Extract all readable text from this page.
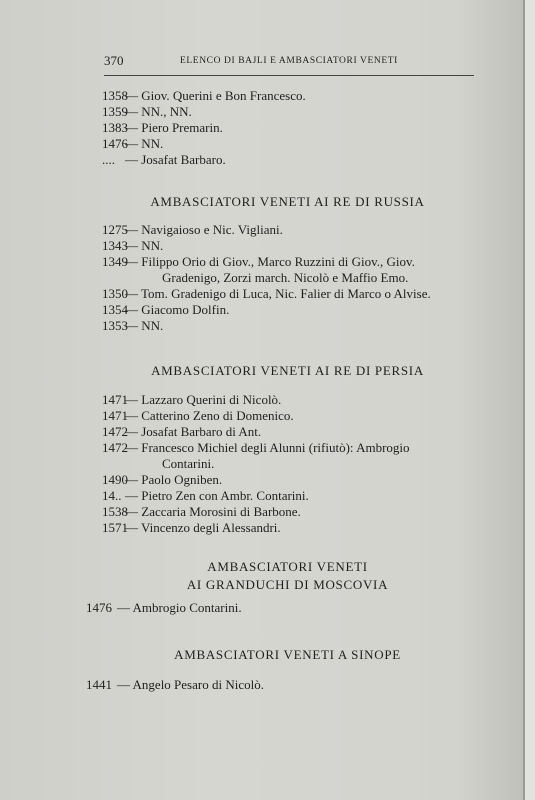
370	ELENCO DI BAJLI E AMBASCIATORI VENETI
1358
— Giov. Querini e Bon Francesco.
1359
— NN., NN.
1383
— Piero Premarin.
1476
— NN.
.... — Josafat Barbaro.

AMBASCIATORI VENETI AI RE DI RUSSIA

1275
— Navigaioso e Nic. Vigliani.
1343
— NN.
1349
— Filippo Orio di Giov., Marco Ruzzini di Giov., Giov.
Gradenigo, Zorzi march. Nicolò e Maffio Emo.
1350
— Tom. Gradenigo di Luca, Nic. Falier di Marco o Alvise.
1354
— Giacomo Dolfin.
1353
— NN.

AMBASCIATORI VENETI AI RE DI PERSIA

1471
— Lazzaro Querini di Nicolò.
1471
— Catterino Zeno di Domenico.
1472
— Josafat Barbaro di Ant.
1472
— Francesco Michiel degli Alunni (rifiutò): Ambrogio
Contarini.
1490
— Paolo Ogniben.
14.. — Pietro Zen con Ambr. Contarini.
1538
— Zaccaria Morosini di Barbone.
1571
— Vincenzo degli Alessandri.

AMBASCIATORI VENETI

AI GRANDUCHI DI MOSCOVIA

1476 — Ambrogio Contarini.

AMBASCIATORI VENETI A SINOPE

1441 — Angelo Pesaro di Nicolò.
